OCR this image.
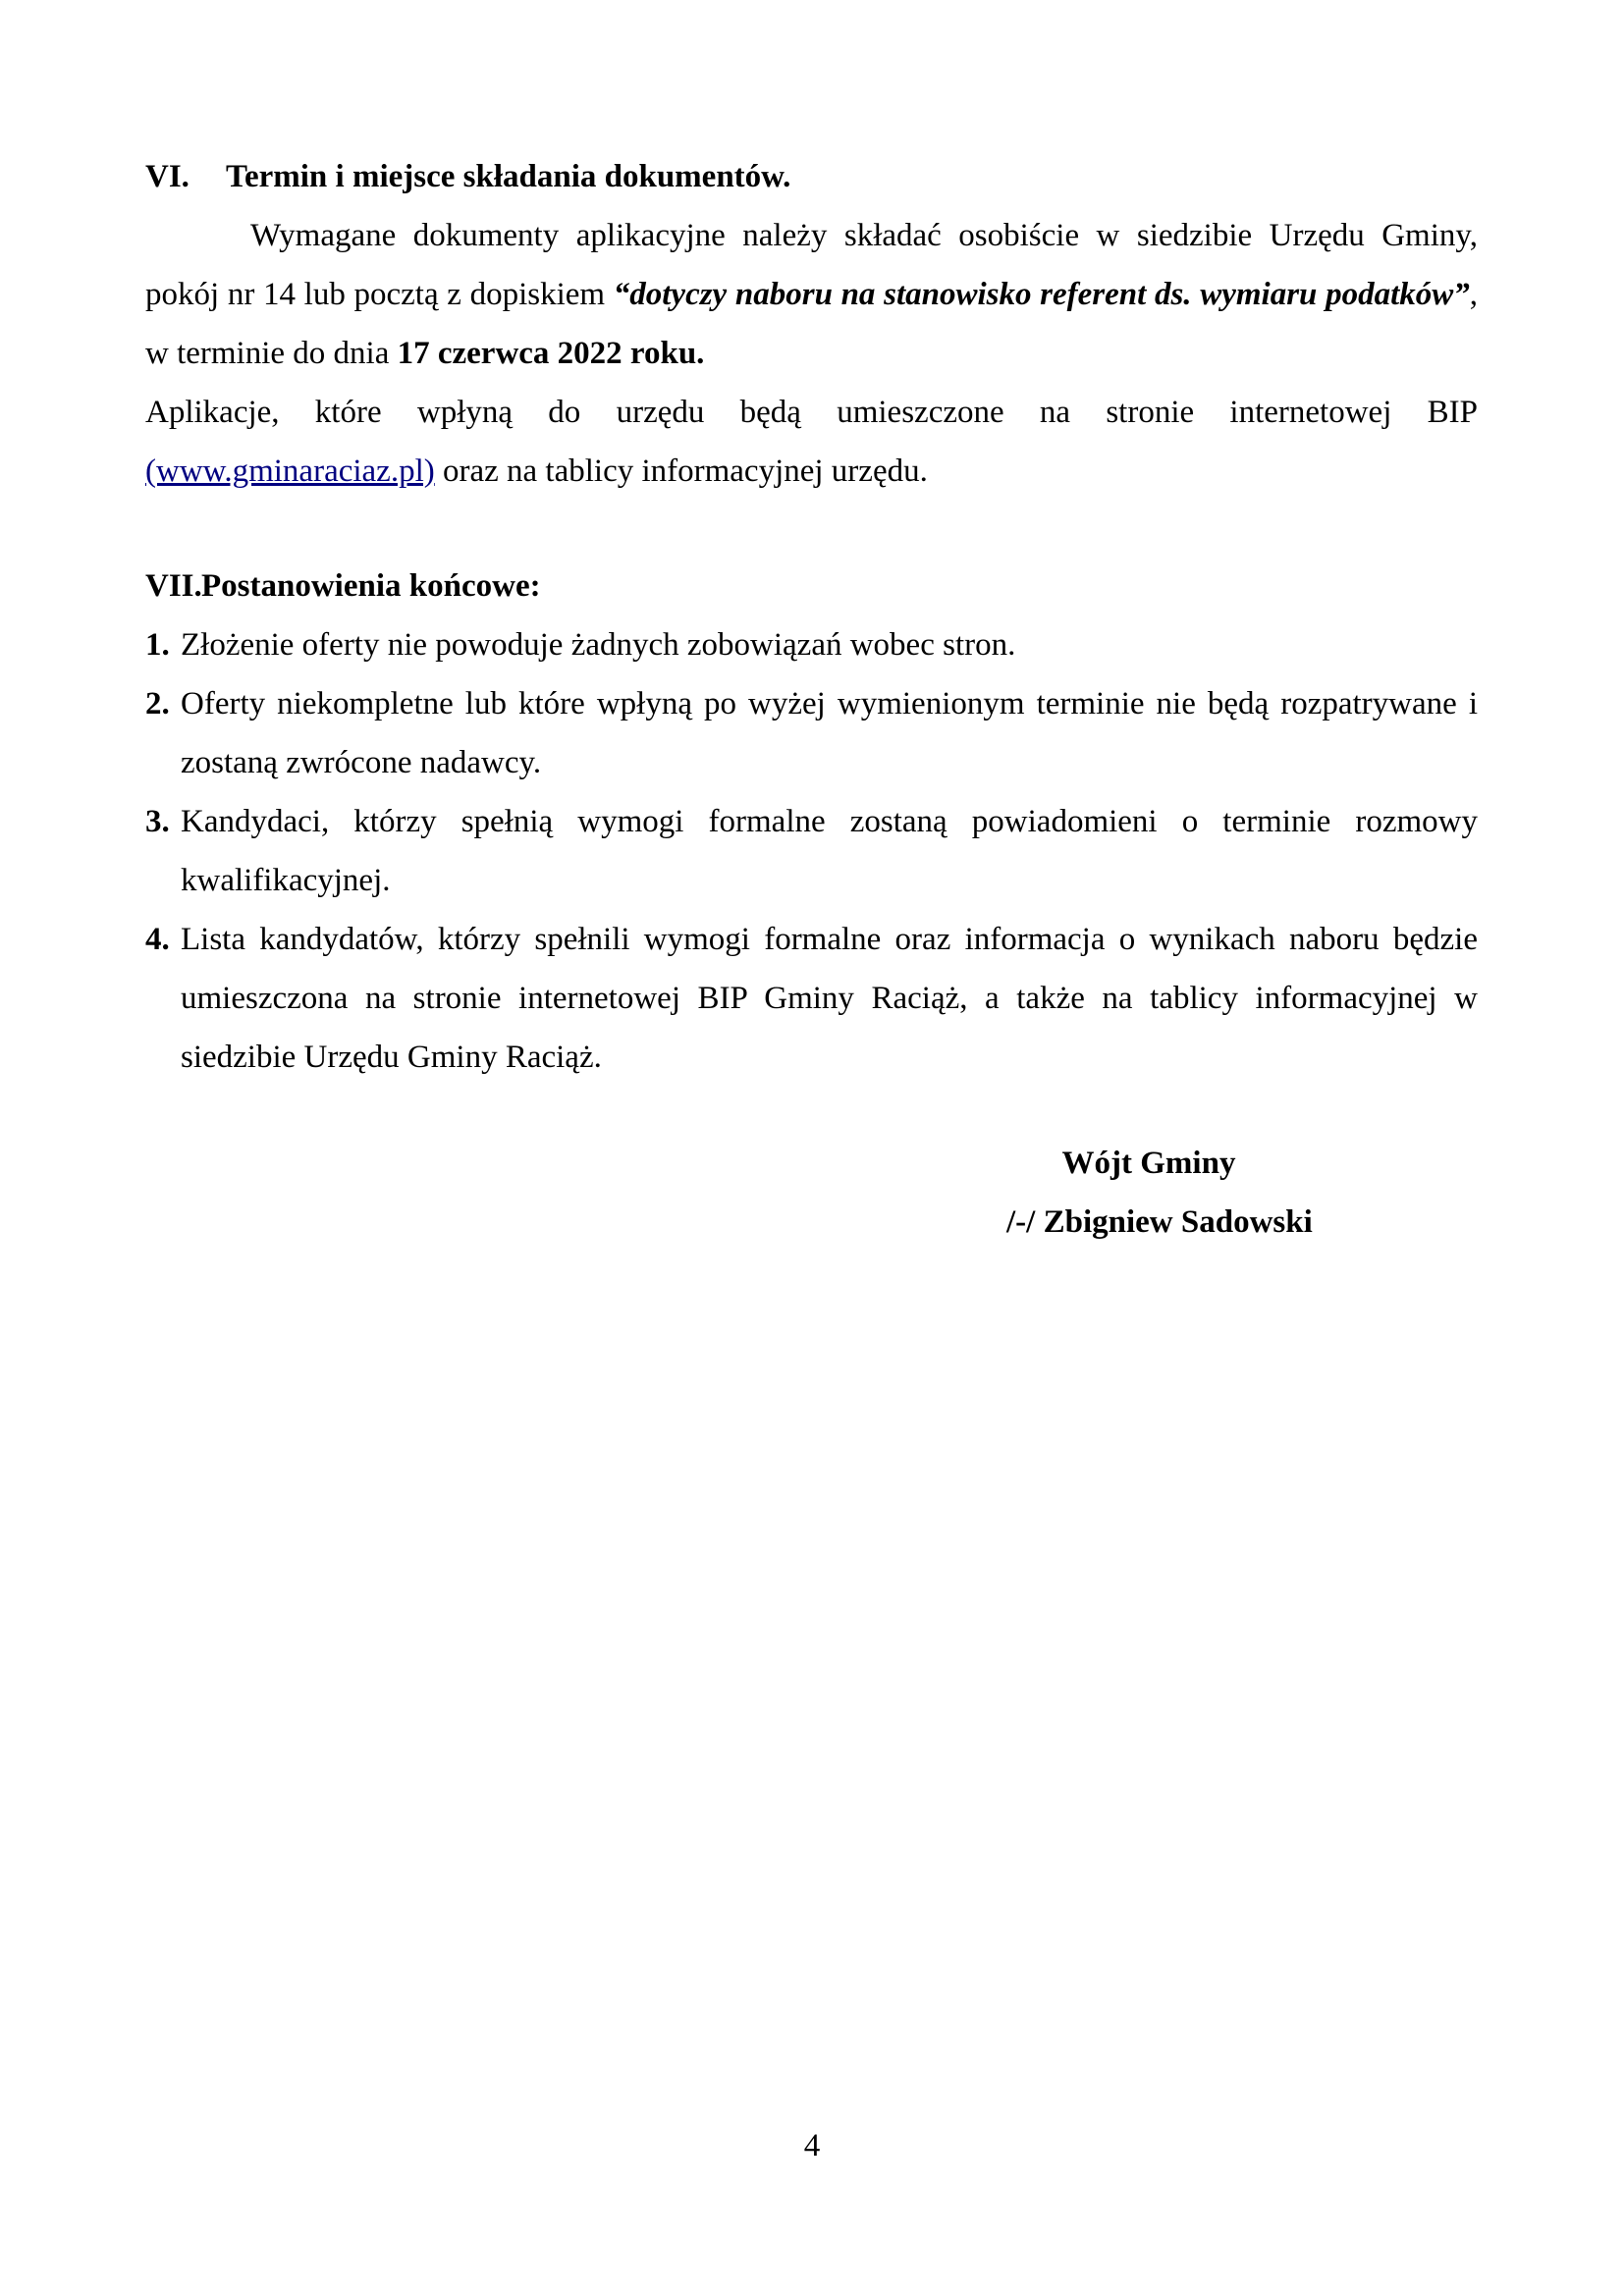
VI.	Termin i miejsce składania dokumentów.

Wymagane dokumenty aplikacyjne należy składać osobiście w siedzibie Urzędu Gminy, pokój nr 14 lub pocztą z dopiskiem “dotyczy naboru na stanowisko referent ds. wymiaru podatków”, w terminie do dnia 17 czerwca 2022 roku.

Aplikacje, które wpłyną do urzędu będą umieszczone na stronie internetowej BIP (www.gminaraciaz.pl) oraz na tablicy informacyjnej urzędu.

VII. Postanowienia końcowe:
1. Złożenie oferty nie powoduje żadnych zobowiązań wobec stron.
2. Oferty niekompletne lub które wpłyną po wyżej wymienionym terminie nie będą rozpatrywane i zostaną zwrócone nadawcy.
3. Kandydaci, którzy spełnią wymogi formalne zostaną powiadomieni o terminie rozmowy kwalifikacyjnej.
4. Lista kandydatów, którzy spełnili wymogi formalne oraz informacja o wynikach naboru będzie umieszczona na stronie internetowej BIP Gminy Raciąż, a także na tablicy informacyjnej w siedzibie Urzędu Gminy Raciąż.
Wójt Gminy
/-/ Zbigniew Sadowski
4
